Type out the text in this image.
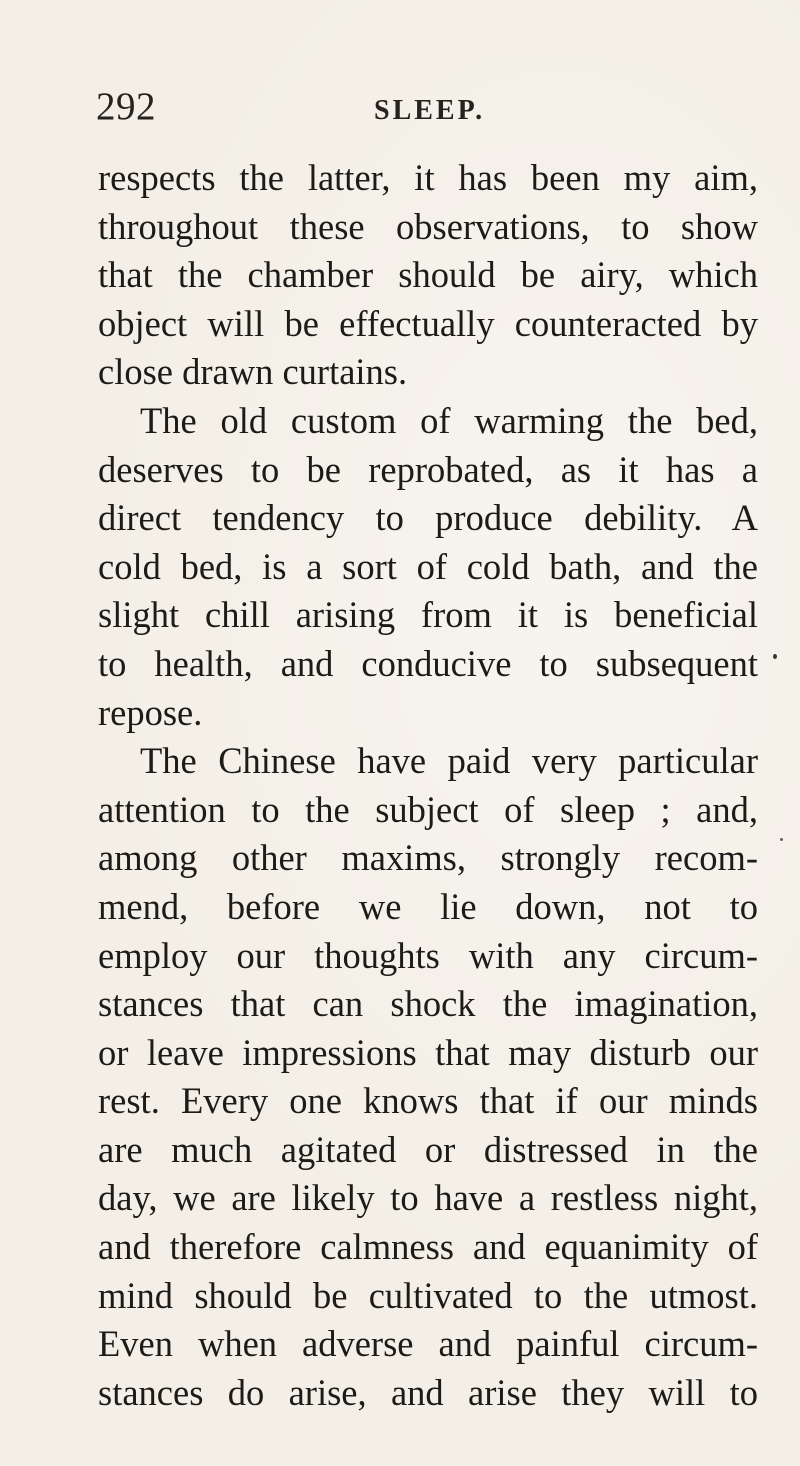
292	SLEEP.
respects the latter, it has been my aim,
throughout these observations, to show
that the chamber should be airy, which
object will be effectually counteracted by
close drawn curtains.
The old custom of warming the bed,
deserves to be reprobated, as it has a
direct tendency to produce debility. A
cold bed, is a sort of cold bath, and the
slight chill arising from it is beneficial
to health, and conducive to subsequent
repose.
The Chinese have paid very particular
attention to the subject of sleep ; and,
among other maxims, strongly recom-
mend, before we lie down, not to
employ our thoughts with any circum-
stances that can shock the imagination,
or leave impressions that may disturb our
rest. Every one knows that if our minds
are much agitated or distressed in the
day, we are likely to have a restless night,
and therefore calmness and equanimity of
mind should be cultivated to the utmost.
Even when adverse and painful circum-
stances do arise, and arise they will to
